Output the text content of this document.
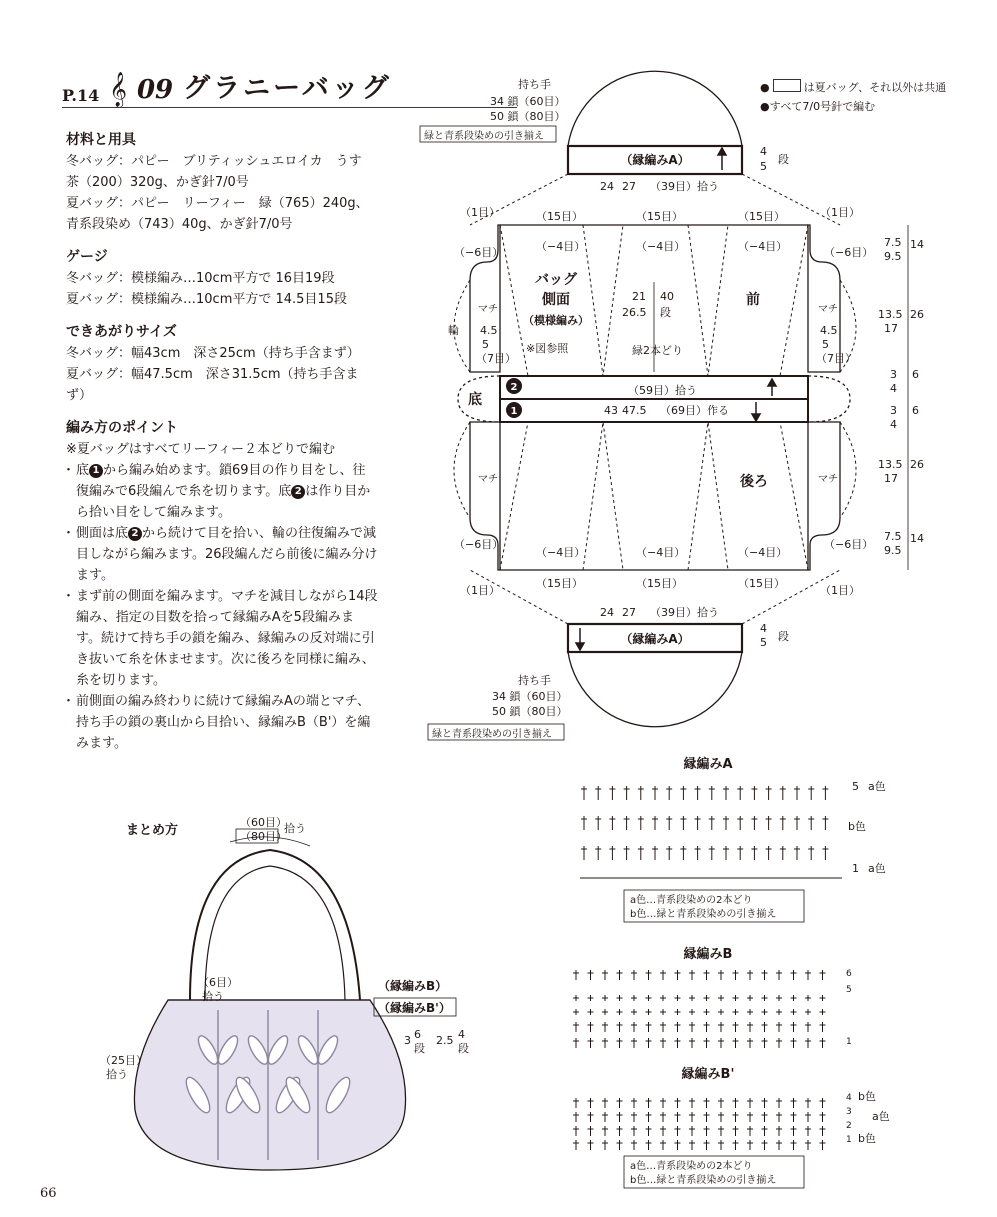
P.14 𝄞 09 グラニーバッグ	●	は夏バッグ、それ以外は共通
●すべて7/0号針で編む
材料と用具

冬バッグ：パピー　ブリティッシュエロイカ　うす

茶（200）320g、かぎ針7/0号

夏バッグ：パピー　リーフィー　緑（765）240g、

青系段染め（743）40g、かぎ針7/0号

ゲージ

冬バッグ：模様編み…10cm平方で 16目19段

夏バッグ：模様編み…10cm平方で 14.5目15段

できあがりサイズ

冬バッグ：幅43cm　深さ25cm（持ち手含まず）

夏バッグ：幅47.5cm　深さ31.5cm（持ち手含ま

ず）

編み方のポイント

※夏バッグはすべてリーフィー２本どりで編む

・ 底 1 から編み始めます。鎖69目の作り目をし、往復編みで6段編んで糸を切ります。底 2 は作り目から拾い目をして編みます。
・ 側面は底 2 から続けて目を拾い、輪の往復編みで減目しながら編みます。26段編んだら前後に編み分けます。
・ まず前の側面を編みます。マチを減目しながら14段編み、指定の目数を拾って縁編みAを5段編みます。続けて持ち手の鎖を編み、縁編みの反対端に引き抜いて糸を休ませます。次に後ろを同様に編み、糸を切ります。
・ 前側面の編み終わりに続けて縁編みAの端とマチ、持ち手の鎖の裏山から目拾い、縁編みB（B'）を編みます。
2
1
持ち手
34 鎖（60目）
50 鎖（80目）
緑と青系段染めの引き揃え
（縁編みA）
4
5
段
24 27 （39目）拾う
（1目）	（1目）
（15目）	（15目）	（15目）
（−4目）	（−4目）	（−4目）
（−6目）	（−6目）
バッグ
側面
（模様編み）
※図参照
21 40
26.5 段
緑2本どり
前
後ろ
マチ	マチ
マチ	マチ
輪 4.5	4.5
5	5
（7目）	（7目）
底
（59目）拾う
43 47.5 （69目）作る
（−4目）	（−4目）	（−4目）
（−6目）	（−6目）
（15目）	（15目）	（15目）
（1目）	（1目）
24 27 （39目）拾う
（縁編みA）
4
5 段
持ち手
34 鎖（60目）
50 鎖（80目）
緑と青系段染めの引き揃え
7.5
9.5
14
13.5
17
26
3
4
6
3
4
6
13.5
17
26
7.5
9.5
14
まとめ方
（60目）
（80目）
拾う
（6目）
拾う
（25目）
拾う
（縁編みB）
（縁編みB'）
3 6
段
2.5 4
段
縁編みA
5 a色
b色
1 a色
a色…青系段染めの2本どり
b色…緑と青系段染めの引き揃え
縁編みB
6
5
1
縁編みB'
4 b色
3 a色
2
1 b色
a色…青系段染めの2本どり
b色…緑と青系段染めの引き揃え
66
